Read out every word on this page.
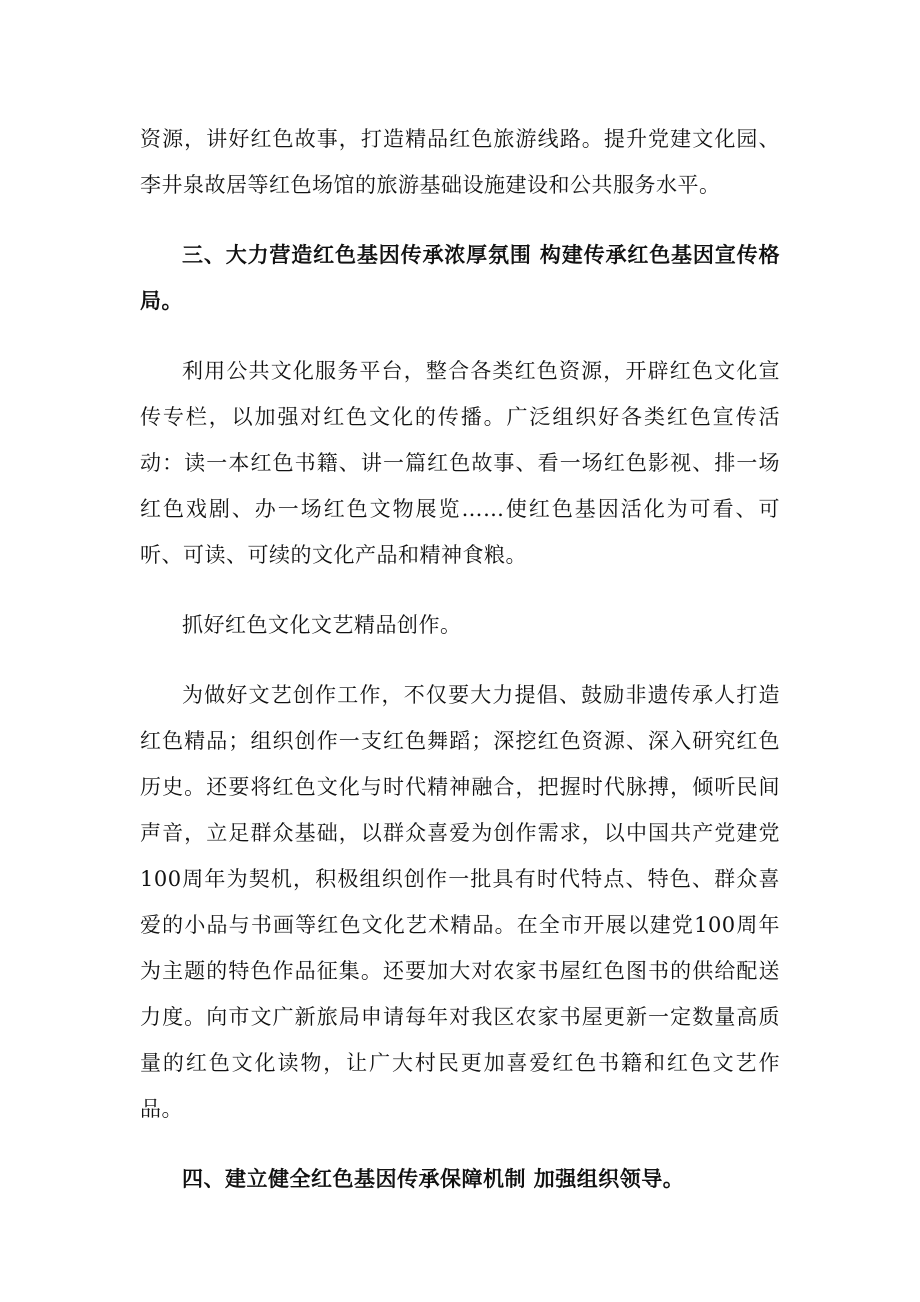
资源，讲好红色故事，打造精品红色旅游线路。提升党建文化园、李井泉故居等红色场馆的旅游基础设施建设和公共服务水平。

三、大力营造红色基因传承浓厚氛围 构建传承红色基因宣传格局。

利用公共文化服务平台，整合各类红色资源，开辟红色文化宣传专栏，以加强对红色文化的传播。广泛组织好各类红色宣传活动：读一本红色书籍、讲一篇红色故事、看一场红色影视、排一场红色戏剧、办一场红色文物展览……使红色基因活化为可看、可听、可读、可续的文化产品和精神食粮。

抓好红色文化文艺精品创作。

为做好文艺创作工作，不仅要大力提倡、鼓励非遗传承人打造红色精品；组织创作一支红色舞蹈；深挖红色资源、深入研究红色历史。还要将红色文化与时代精神融合，把握时代脉搏，倾听民间声音，立足群众基础，以群众喜爱为创作需求，以中国共产党建党100周年为契机，积极组织创作一批具有时代特点、特色、群众喜爱的小品与书画等红色文化艺术精品。在全市开展以建党100周年为主题的特色作品征集。还要加大对农家书屋红色图书的供给配送力度。向市文广新旅局申请每年对我区农家书屋更新一定数量高质量的红色文化读物，让广大村民更加喜爱红色书籍和红色文艺作品。

四、建立健全红色基因传承保障机制 加强组织领导。
